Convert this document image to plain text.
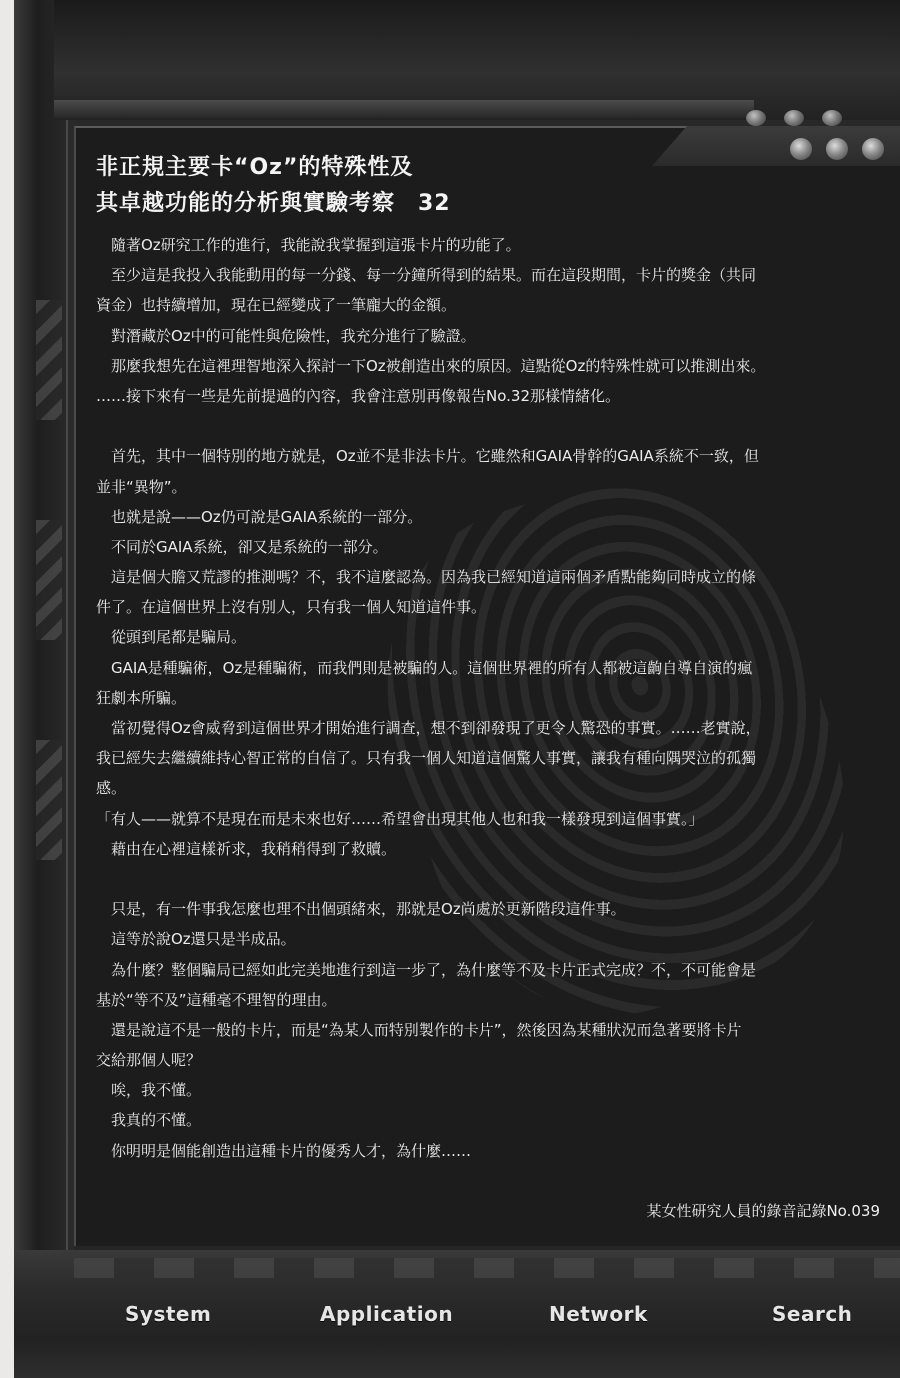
非正規主要卡“Oz”的特殊性及
其卓越功能的分析與實驗考察　32

　隨著Oz研究工作的進行，我能說我掌握到這張卡片的功能了。

　至少這是我投入我能動用的每一分錢、每一分鐘所得到的結果。而在這段期間，卡片的獎金（共同

資金）也持續增加，現在已經變成了一筆龐大的金額。

　對潛藏於Oz中的可能性與危險性，我充分進行了驗證。

　那麼我想先在這裡理智地深入探討一下Oz被創造出來的原因。這點從Oz的特殊性就可以推測出來。

……接下來有一些是先前提過的內容，我會注意別再像報告No.32那樣情緒化。

　首先，其中一個特別的地方就是，Oz並不是非法卡片。它雖然和GAIA骨幹的GAIA系統不一致，但

並非“異物”。

　也就是說——Oz仍可說是GAIA系統的一部分。

　不同於GAIA系統，卻又是系統的一部分。

　這是個大膽又荒謬的推測嗎？不，我不這麼認為。因為我已經知道這兩個矛盾點能夠同時成立的條

件了。在這個世界上沒有別人，只有我一個人知道這件事。

　從頭到尾都是騙局。

　GAIA是種騙術，Oz是種騙術，而我們則是被騙的人。這個世界裡的所有人都被這齣自導自演的瘋

狂劇本所騙。

　當初覺得Oz會威脅到這個世界才開始進行調查，想不到卻發現了更令人驚恐的事實。……老實說，

我已經失去繼續維持心智正常的自信了。只有我一個人知道這個驚人事實，讓我有種向隅哭泣的孤獨

感。

「有人——就算不是現在而是未來也好……希望會出現其他人也和我一樣發現到這個事實。」

　藉由在心裡這樣祈求，我稍稍得到了救贖。

　只是，有一件事我怎麼也理不出個頭緒來，那就是Oz尚處於更新階段這件事。

　這等於說Oz還只是半成品。

　為什麼？整個騙局已經如此完美地進行到這一步了，為什麼等不及卡片正式完成？不，不可能會是

基於“等不及”這種毫不理智的理由。

　還是說這不是一般的卡片，而是“為某人而特別製作的卡片”，然後因為某種狀況而急著要將卡片

交給那個人呢？

　唉，我不懂。

　我真的不懂。

　你明明是個能創造出這種卡片的優秀人才，為什麼……

某女性研究人員的錄音記錄No.039
System	Application	Network	Search
